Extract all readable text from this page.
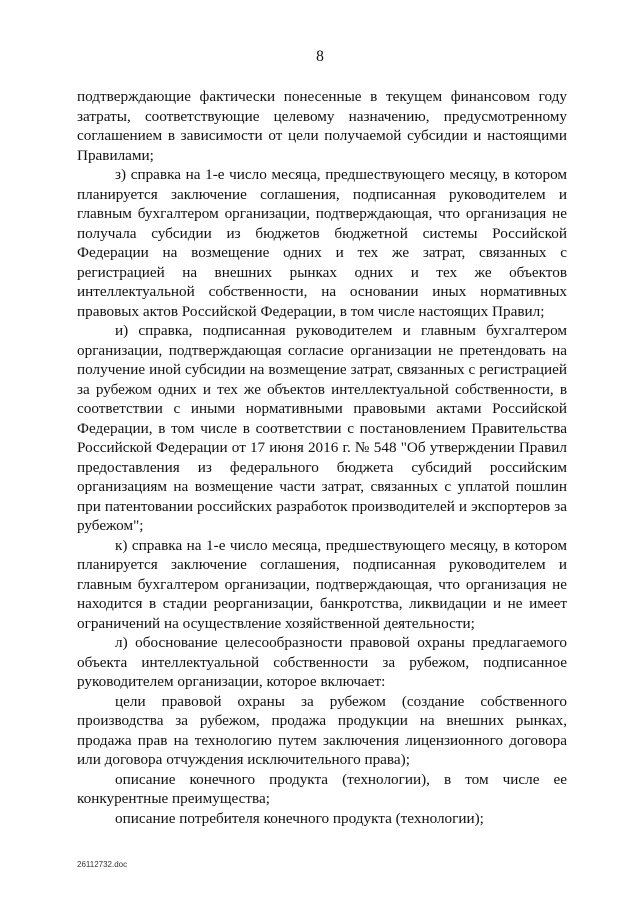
8

подтверждающие фактически понесенные в текущем финансовом году затраты, соответствующие целевому назначению, предусмотренному соглашением в зависимости от цели получаемой субсидии и настоящими Правилами;

з) справка на 1-е число месяца, предшествующего месяцу, в котором планируется заключение соглашения, подписанная руководителем и главным бухгалтером организации, подтверждающая, что организация не получала субсидии из бюджетов бюджетной системы Российской Федерации на возмещение одних и тех же затрат, связанных с регистрацией на внешних рынках одних и тех же объектов интеллектуальной собственности, на основании иных нормативных правовых актов Российской Федерации, в том числе настоящих Правил;

и) справка, подписанная руководителем и главным бухгалтером организации, подтверждающая согласие организации не претендовать на получение иной субсидии на возмещение затрат, связанных с регистрацией за рубежом одних и тех же объектов интеллектуальной собственности, в соответствии с иными нормативными правовыми актами Российской Федерации, в том числе в соответствии с постановлением Правительства Российской Федерации от 17 июня 2016 г. № 548 "Об утверждении Правил предоставления из федерального бюджета субсидий российским организациям на возмещение части затрат, связанных с уплатой пошлин при патентовании российских разработок производителей и экспортеров за рубежом";

к) справка на 1-е число месяца, предшествующего месяцу, в котором планируется заключение соглашения, подписанная руководителем и главным бухгалтером организации, подтверждающая, что организация не находится в стадии реорганизации, банкротства, ликвидации и не имеет ограничений на осуществление хозяйственной деятельности;

л) обоснование целесообразности правовой охраны предлагаемого объекта интеллектуальной собственности за рубежом, подписанное руководителем организации, которое включает:

цели правовой охраны за рубежом (создание собственного производства за рубежом, продажа продукции на внешних рынках, продажа прав на технологию путем заключения лицензионного договора или договора отчуждения исключительного права);

описание конечного продукта (технологии), в том числе ее конкурентные преимущества;

описание потребителя конечного продукта (технологии);

26112732.doc
